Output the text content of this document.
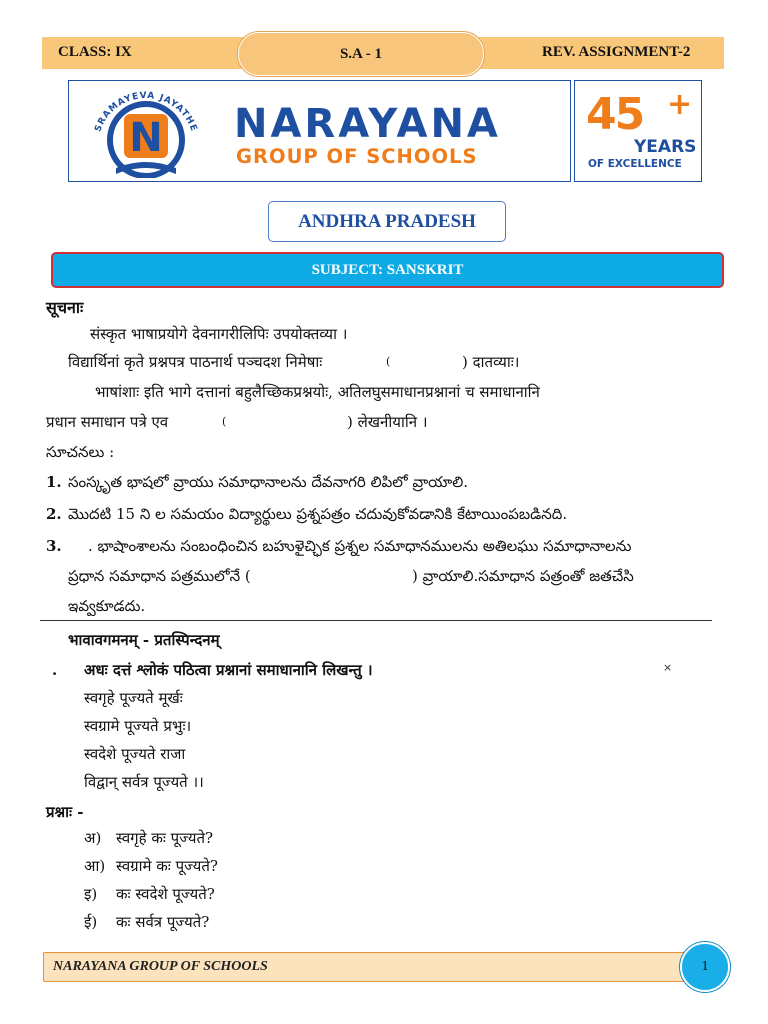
CLASS: IX	S.A - 1	REV. ASSIGNMENT-2
N
SRAMAYEVA JAYATHE NARAYANA
GROUP OF SCHOOLS
45 +
YEARS
OF EXCELLENCE
ANDHRA PRADESH
SUBJECT: SANSKRIT
सूचनाः
संस्कृत भाषाप्रयोगे देवनागरीलिपिः उपयोक्तव्या ।
विद्यार्थिनां कृते प्रश्नपत्र पाठनार्थ पञ्चदश निमेषाः	(	) दातव्याः।
भाषांशाः इति भागे दत्तानां बहुलैच्छिकप्रश्नयोः, अतिलघुसमाधानप्रश्नानां च समाधानानि
प्रधान समाधान पत्रे एव	(	) लेखनीयानि ।
సూచనలు :
1. సంస్కృత భాషలో వ్రాయు సమాధానాలను దేవనాగరి లిపిలో వ్రాయాలి.
2. మొదటి 15 ని ల సమయం విద్యార్థులు ప్రశ్నపత్రం చదువుకోవడానికి కేటాయింపబడినది.
3. . భాషాంశాలను సంబంధించిన బహుళైచ్ఛిక ప్రశ్నల సమాధానములను అతిలఘు సమాధానాలను
ప్రధాన సమాధాన పత్రములోనే (	) వ్రాయాలి.సమాధాన పత్రంతో జతచేసి
ఇవ్వకూడదు.
भावावगमनम् - प्रतस्पिन्दनम्
. अधः दत्तं श्लोकं पठित्वा प्रश्नानां समाधानानि लिखन्तु ।	×
स्वगृहे पूज्यते मूर्खः
स्वग्रामे पूज्यते प्रभुः।
स्वदेशे पूज्यते राजा
विद्वान् सर्वत्र पूज्यते ।।
प्रश्नाः -
अ) स्वगृहे कः पूज्यते?
आ) स्वग्रामे कः पूज्यते?
इ) कः स्वदेशे पूज्यते?
ई) कः सर्वत्र पूज्यते?
NARAYANA GROUP OF SCHOOLS	1
